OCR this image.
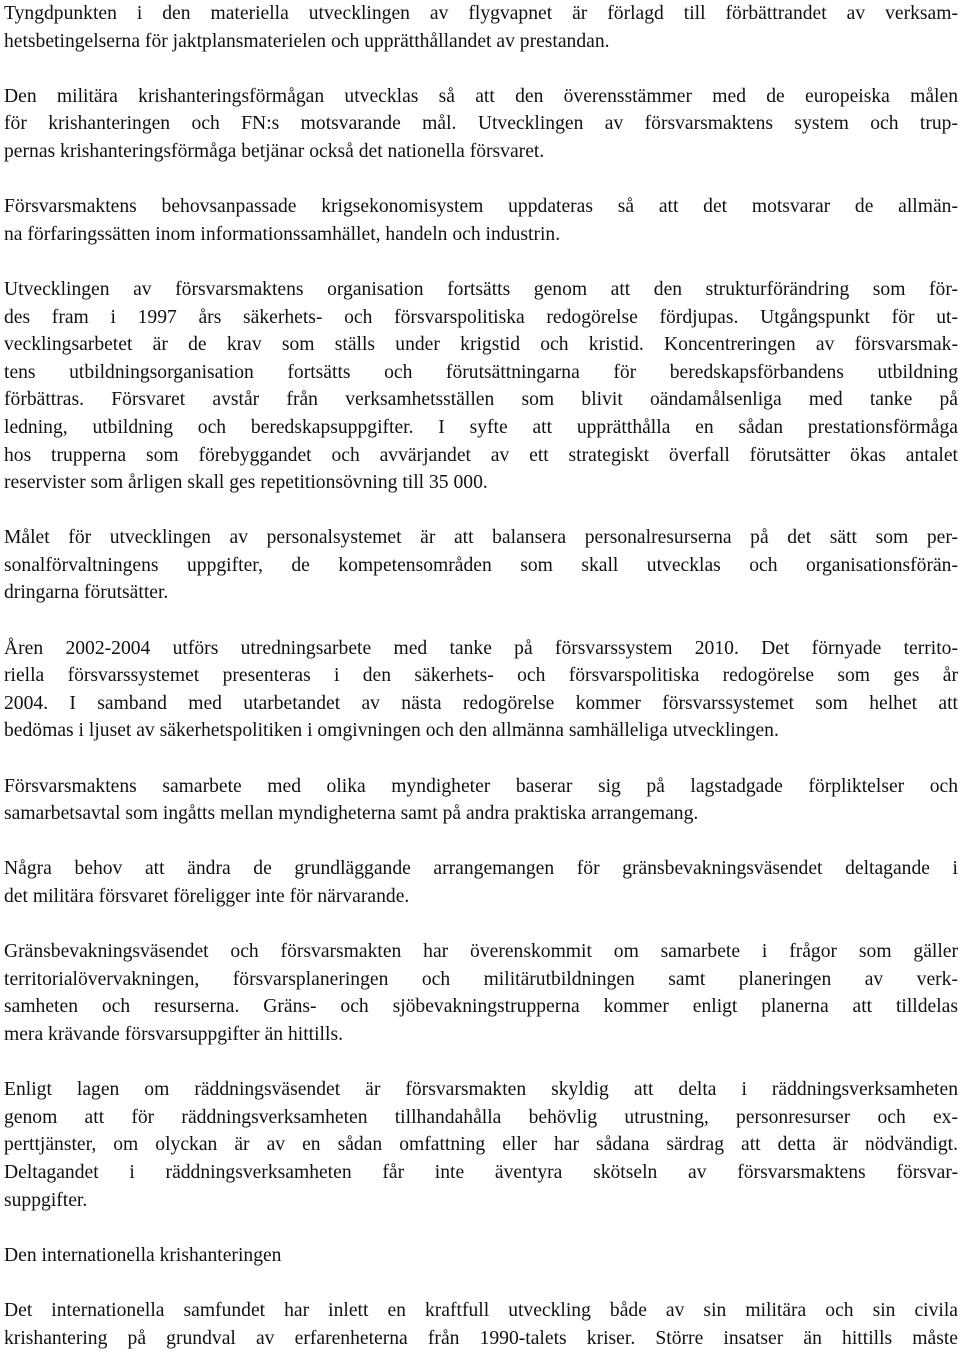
Tyngdpunkten i den materiella utvecklingen av flygvapnet är förlagd till förbättrandet av verksam-
hetsbetingelserna för jaktplansmaterielen och upprätthållandet av prestandan.
Den militära krishanteringsförmågan utvecklas så att den överensstämmer med de europeiska målen
för krishanteringen och FN:s motsvarande mål. Utvecklingen av försvarsmaktens system och trup-
pernas krishanteringsförmåga betjänar också det nationella försvaret.
Försvarsmaktens behovsanpassade krigsekonomisystem uppdateras så att det motsvarar de allmän-
na förfaringssätten inom informationssamhället, handeln och industrin.
Utvecklingen av försvarsmaktens organisation fortsätts genom att den strukturförändring som för-
des fram i 1997 års säkerhets- och försvarspolitiska redogörelse fördjupas. Utgångspunkt för ut-
vecklingsarbetet är de krav som ställs under krigstid och kristid. Koncentreringen av försvarsmak-
tens utbildningsorganisation fortsätts och förutsättningarna för beredskapsförbandens utbildning
förbättras. Försvaret avstår från verksamhetsställen som blivit oändamålsenliga med tanke på
ledning, utbildning och beredskapsuppgifter. I syfte att upprätthålla en sådan prestationsförmåga
hos trupperna som förebyggandet och avvärjandet av ett strategiskt överfall förutsätter ökas antalet
reservister som årligen skall ges repetitionsövning till 35 000.
Målet för utvecklingen av personalsystemet är att balansera personalresurserna på det sätt som per-
sonalförvaltningens uppgifter, de kompetensområden som skall utvecklas och organisationsförän-
dringarna förutsätter.
Åren 2002-2004 utförs utredningsarbete med tanke på försvarssystem 2010. Det förnyade territo-
riella försvarssystemet presenteras i den säkerhets- och försvarspolitiska redogörelse som ges år
2004. I samband med utarbetandet av nästa redogörelse kommer försvarssystemet som helhet att
bedömas i ljuset av säkerhetspolitiken i omgivningen och den allmänna samhälleliga utvecklingen.
Försvarsmaktens samarbete med olika myndigheter baserar sig på lagstadgade förpliktelser och
samarbetsavtal som ingåtts mellan myndigheterna samt på andra praktiska arrangemang.
Några behov att ändra de grundläggande arrangemangen för gränsbevakningsväsendet deltagande i
det militära försvaret föreligger inte för närvarande.
Gränsbevakningsväsendet och försvarsmakten har överenskommit om samarbete i frågor som gäller
territorialövervakningen, försvarsplaneringen och militärutbildningen samt planeringen av verk-
samheten och resurserna. Gräns- och sjöbevakningstrupperna kommer enligt planerna att tilldelas
mera krävande försvarsuppgifter än hittills.
Enligt lagen om räddningsväsendet är försvarsmakten skyldig att delta i räddningsverksamheten
genom att för räddningsverksamheten tillhandahålla behövlig utrustning, personresurser och ex-
perttjänster, om olyckan är av en sådan omfattning eller har sådana särdrag att detta är nödvändigt.
Deltagandet i räddningsverksamheten får inte äventyra skötseln av försvarsmaktens försvar-
suppgifter.
Den internationella krishanteringen
Det internationella samfundet har inlett en kraftfull utveckling både av sin militära och sin civila
krishantering på grundval av erfarenheterna från 1990-talets kriser. Större insatser än hittills måste
